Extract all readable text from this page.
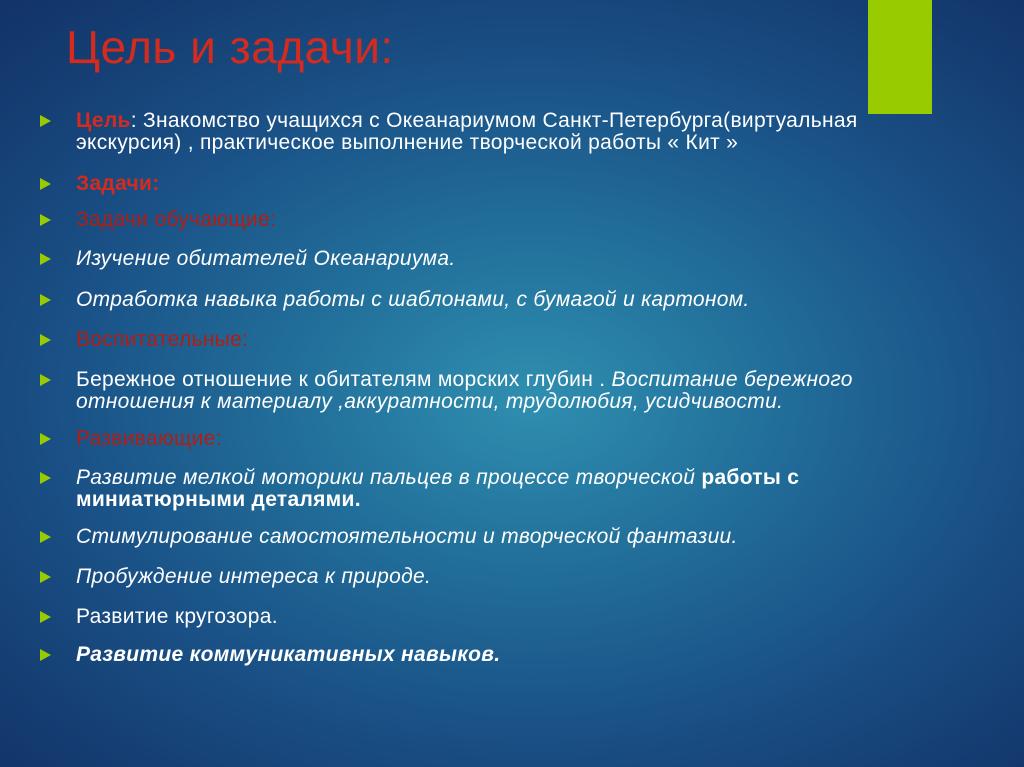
Цель и задачи:
Цель: Знакомство учащихся с Океанариумом Санкт-Петербурга(виртуальная экскурсия) , практическое выполнение творческой работы « Кит »
Задачи:
Задачи обучающие:
Изучение обитателей Океанариума.
Отработка навыка работы с шаблонами, с бумагой и картоном.
Воспитательные:
Бережное отношение к обитателям морских глубин . Воспитание бережного отношения к материалу ,аккуратности, трудолюбия, усидчивости.
Развивающие:
Развитие мелкой моторики пальцев в процессе творческой работы с миниатюрными деталями.
Стимулирование самостоятельности и творческой фантазии.
Пробуждение интереса к природе.
Развитие кругозора.
Развитие коммуникативных навыков.
